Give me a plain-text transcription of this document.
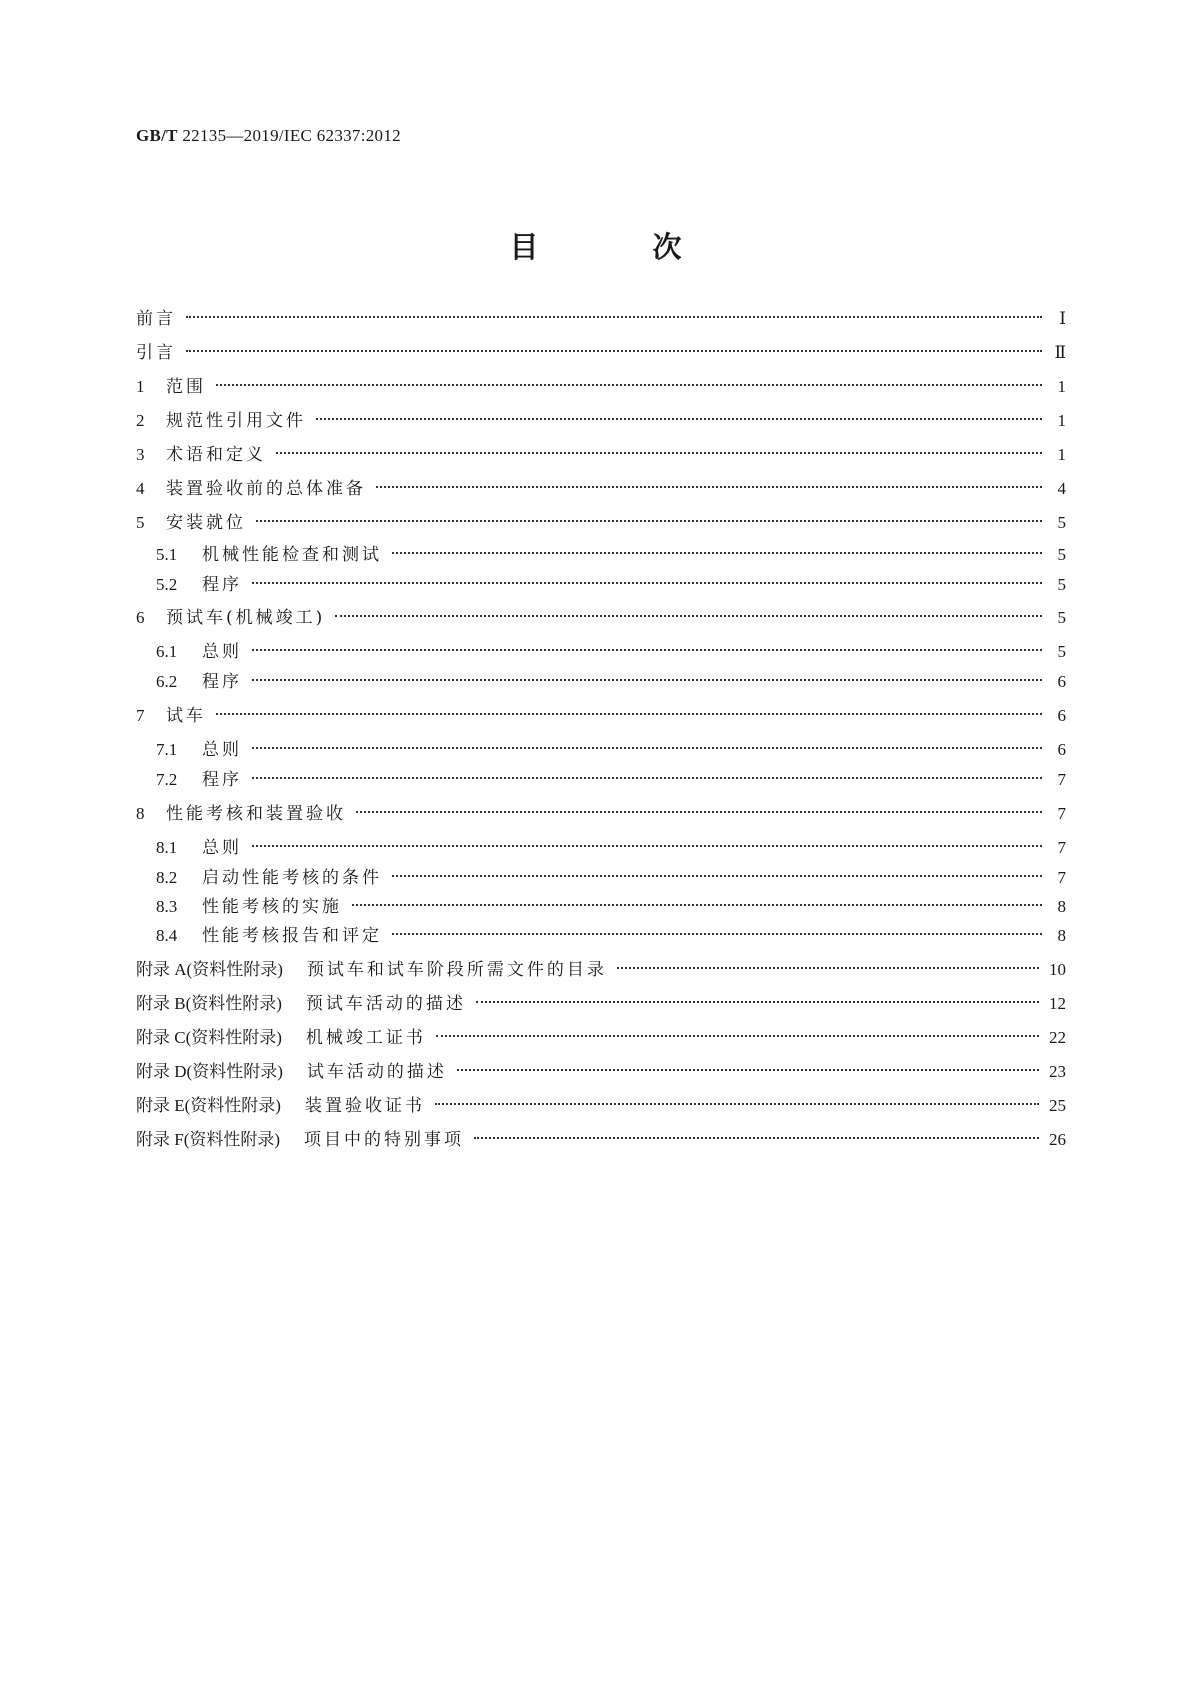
GB/T 22135—2019/IEC 62337:2012
目 次
前言	Ⅰ
引言	Ⅱ
1	范围	1
2	规范性引用文件	1
3	术语和定义	1
4	装置验收前的总体准备	4
5	安装就位	5
5.1	机械性能检查和测试	5
5.2	程序	5
6	预试车(机械竣工)	5
6.1	总则	5
6.2	程序	6
7	试车	6
7.1	总则	6
7.2	程序	7
8	性能考核和装置验收	7
8.1	总则	7
8.2	启动性能考核的条件	7
8.3	性能考核的实施	8
8.4	性能考核报告和评定	8
附录 A(资料性附录) 预试车和试车阶段所需文件的目录	10
附录 B(资料性附录) 预试车活动的描述	12
附录 C(资料性附录) 机械竣工证书	22
附录 D(资料性附录) 试车活动的描述	23
附录 E(资料性附录) 装置验收证书	25
附录 F(资料性附录) 项目中的特别事项	26
